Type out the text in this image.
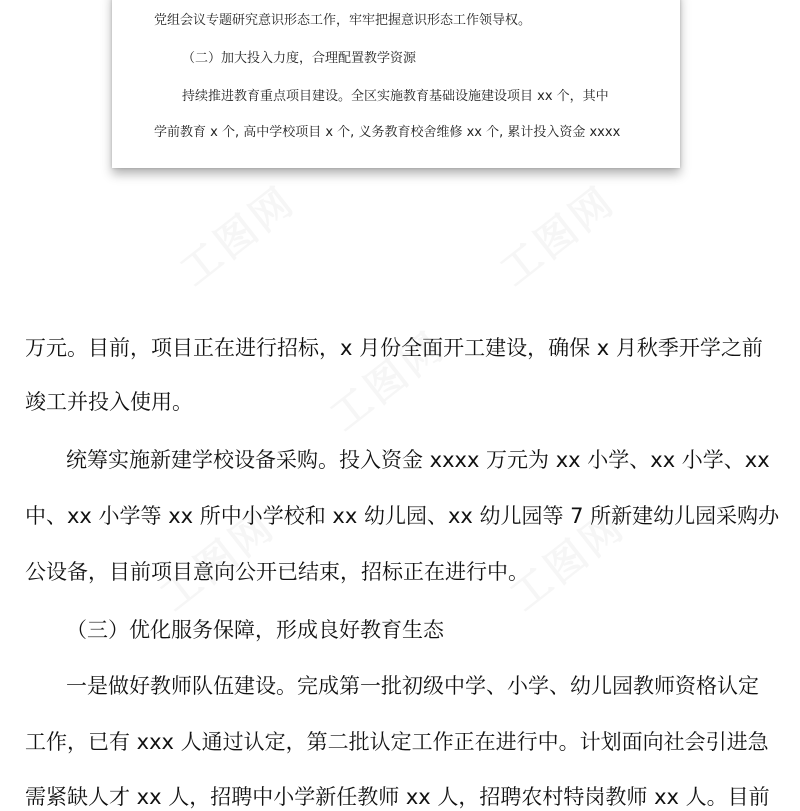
工图网	工图网
工图网
工图网	工图网
党组会议专题研究意识形态工作，牢牢把握意识形态工作领导权。
（二）加大投入力度，合理配置教学资源
持续推进教育重点项目建设。全区实施教育基础设施建设项目 xx 个，其中
学前教育 x 个, 高中学校项目 x 个, 义务教育校舍维修 xx 个, 累计投入资金 xxxx
万元。目前，项目正在进行招标，x 月份全面开工建设，确保 x 月秋季开学之前
竣工并投入使用。
统筹实施新建学校设备采购。投入资金 xxxx 万元为 xx 小学、xx 小学、xx
中、xx 小学等 xx 所中小学校和 xx 幼儿园、xx 幼儿园等 7 所新建幼儿园采购办
公设备，目前项目意向公开已结束，招标正在进行中。
（三）优化服务保障，形成良好教育生态
一是做好教师队伍建设。完成第一批初级中学、小学、幼儿园教师资格认定
工作，已有 xxx 人通过认定，第二批认定工作正在进行中。计划面向社会引进急
需紧缺人才 xx 人，招聘中小学新任教师 xx 人，招聘农村特岗教师 xx 人。目前
